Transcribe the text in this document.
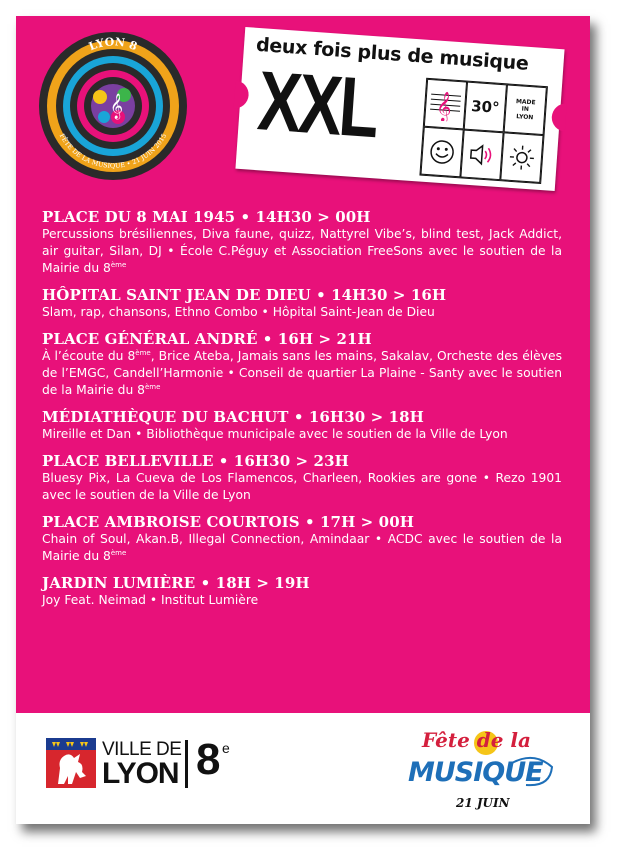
𝄞
LYON 8
FÊTE DE LA MUSIQUE • 21 JUIN 2015
deux fois plus de musique
XXL 𝄞	30°	MADE
IN
LYON
PLACE DU 8 MAI 1945 • 14H30 > 00H
Percussions brésiliennes, Diva faune, quizz, Nattyrel Vibe’s, blind test, Jack Addict, air guitar, Silan, DJ • École C.Péguy et Association FreeSons avec le soutien de la Mairie du 8ème
HÔPITAL SAINT JEAN DE DIEU • 14H30 > 16H
Slam, rap, chansons, Ethno Combo • Hôpital Saint-Jean de Dieu
PLACE GÉNÉRAL ANDRÉ • 16H > 21H
À l’écoute du 8ème, Brice Ateba, Jamais sans les mains, Sakalav, Orcheste des élèves de l’EMGC, Candell’Harmonie • Conseil de quartier La Plaine - Santy avec le soutien de la Mairie du 8ème
MÉDIATHÈQUE DU BACHUT • 16H30 > 18H
Mireille et Dan • Bibliothèque municipale avec le soutien de la Ville de Lyon
PLACE BELLEVILLE • 16H30 > 23H
Bluesy Pix, La Cueva de Los Flamencos, Charleen, Rookies are gone • Rezo 1901 avec le soutien de la Ville de Lyon
PLACE AMBROISE COURTOIS • 17H > 00H
Chain of Soul, Akan.B, Illegal Connection, Amindaar • ACDC avec le soutien de la Mairie du 8ème
JARDIN LUMIÈRE • 18H > 19H
Joy Feat. Neimad • Institut Lumière
VILLE DE
LYON 8 e	Fête de la
MUSIQUE
21 JUIN
